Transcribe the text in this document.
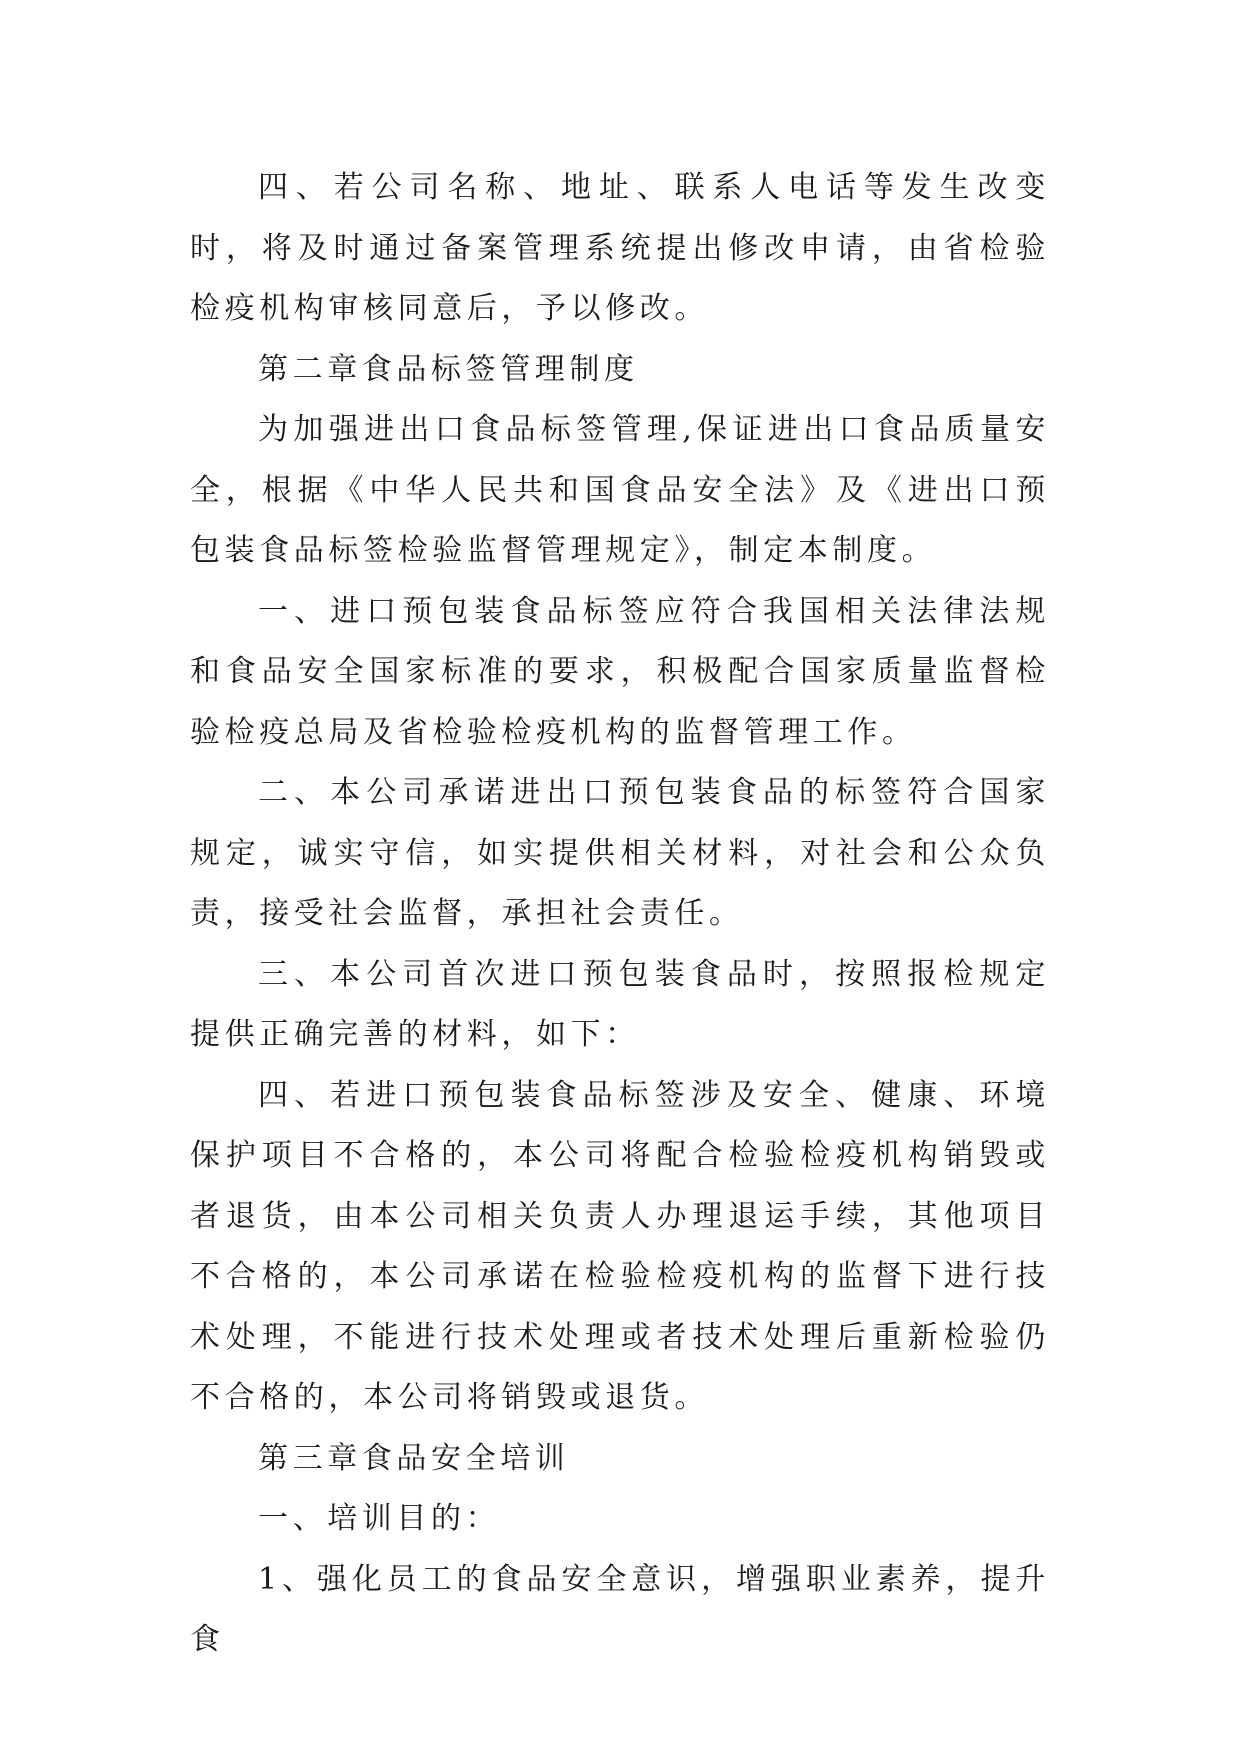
四、若公司名称、地址、联系人电话等发生改变时，将及时通过备案管理系统提出修改申请，由省检验检疫机构审核同意后，予以修改。

第二章食品标签管理制度

为加强进出口食品标签管理,保证进出口食品质量安全，根据《中华人民共和国食品安全法》及《进出口预包装食品标签检验监督管理规定》，制定本制度。

一、进口预包装食品标签应符合我国相关法律法规和食品安全国家标准的要求，积极配合国家质量监督检验检疫总局及省检验检疫机构的监督管理工作。

二、本公司承诺进出口预包装食品的标签符合国家规定，诚实守信，如实提供相关材料，对社会和公众负责，接受社会监督，承担社会责任。

三、本公司首次进口预包装食品时，按照报检规定提供正确完善的材料，如下：

四、若进口预包装食品标签涉及安全、健康、环境保护项目不合格的，本公司将配合检验检疫机构销毁或者退货，由本公司相关负责人办理退运手续，其他项目不合格的，本公司承诺在检验检疫机构的监督下进行技术处理，不能进行技术处理或者技术处理后重新检验仍不合格的，本公司将销毁或退货。

第三章食品安全培训

一、培训目的：

1、强化员工的食品安全意识，增强职业素养，提升食
